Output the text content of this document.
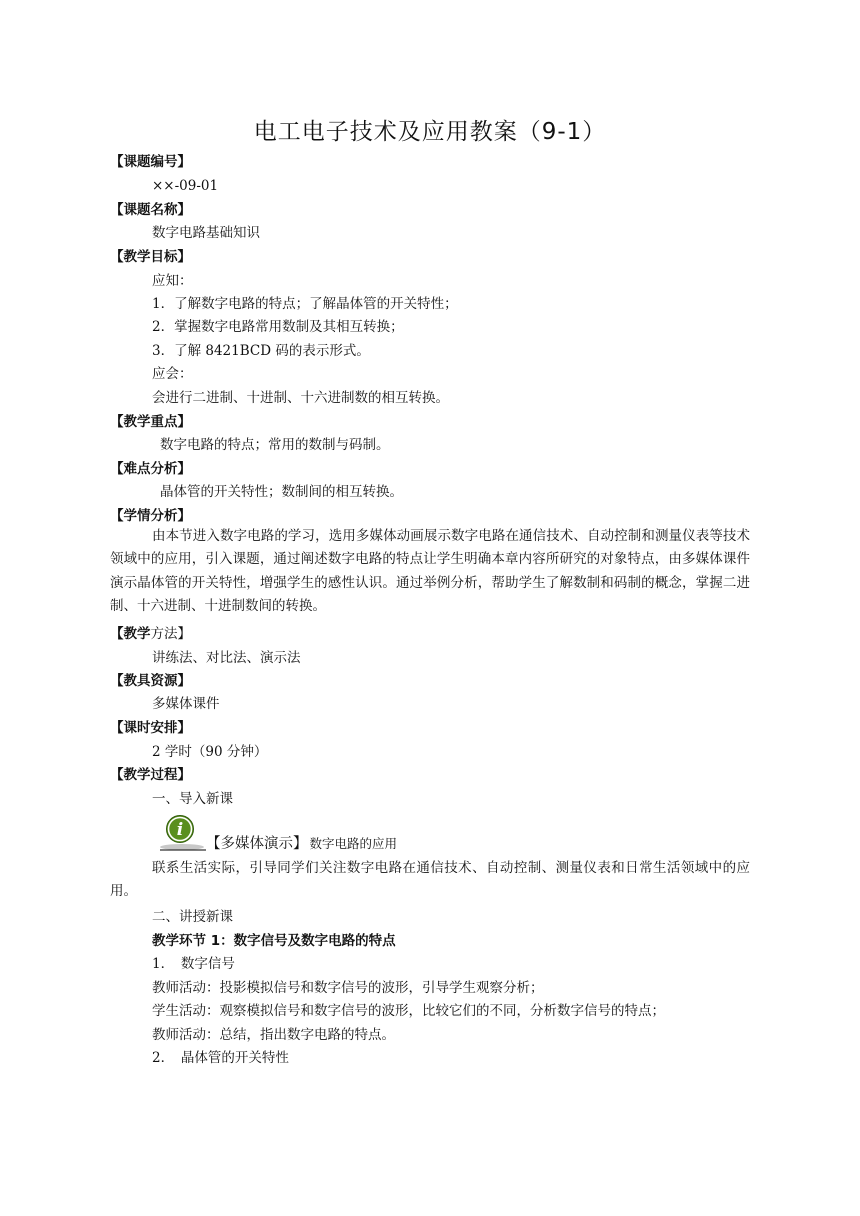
电工电子技术及应用教案（9-1）
【课题编号】
××-09-01
【课题名称】
数字电路基础知识
【教学目标】
应知：
1．了解数字电路的特点；了解晶体管的开关特性；
2．掌握数字电路常用数制及其相互转换；
3．了解 8421BCD 码的表示形式。
应会：
会进行二进制、十进制、十六进制数的相互转换。
【教学重点】
数字电路的特点；常用的数制与码制。
【难点分析】
晶体管的开关特性；数制间的相互转换。
【学情分析】
由本节进入数字电路的学习，选用多媒体动画展示数字电路在通信技术、自动控制和测量仪表等技术领域中的应用，引入课题，通过阐述数字电路的特点让学生明确本章内容所研究的对象特点，由多媒体课件演示晶体管的开关特性，增强学生的感性认识。通过举例分析，帮助学生了解数制和码制的概念，掌握二进制、十六进制、十进制数间的转换。
【教学方法】
讲练法、对比法、演示法
【教具资源】
多媒体课件
【课时安排】
2 学时（90 分钟）
【教学过程】
一、导入新课
i
【多媒体演示】 数字电路的应用
联系生活实际，引导同学们关注数字电路在通信技术、自动控制、测量仪表和日常生活领域中的应用。
二、讲授新课
教学环节 1：数字信号及数字电路的特点
1．　数字信号
教师活动：投影模拟信号和数字信号的波形，引导学生观察分析；
学生活动：观察模拟信号和数字信号的波形，比较它们的不同，分析数字信号的特点；
教师活动：总结，指出数字电路的特点。
2．　晶体管的开关特性
